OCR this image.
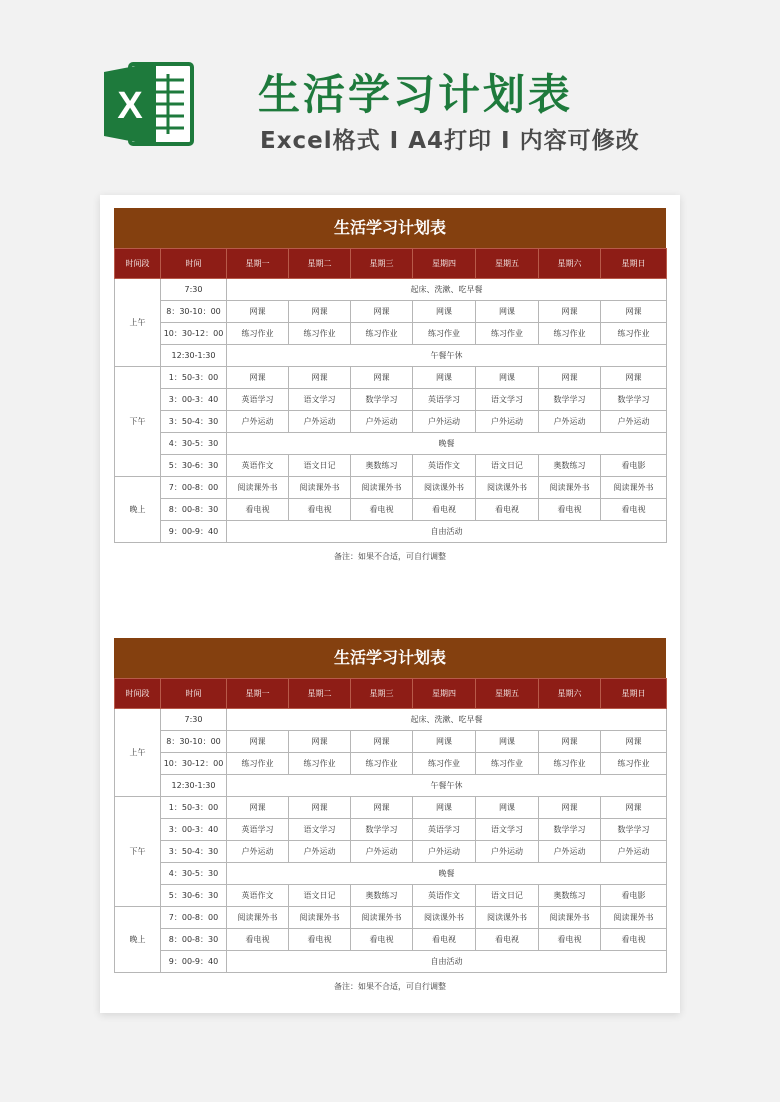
X	生活学习计划表
Excel格式 I A4打印 I 内容可修改
生活学习计划表
时间段	时间	星期一	星期二	星期三	星期四	星期五	星期六	星期日
上午	7:30	起床、洗漱、吃早餐						
	8：30-10：00	网课	网课	网课	网课	网课	网课	网课
	10：30-12：00	练习作业	练习作业	练习作业	练习作业	练习作业	练习作业	练习作业
	12:30-1:30	午餐午休						
下午	1：50-3：00	网课	网课	网课	网课	网课	网课	网课
	3：00-3：40	英语学习	语文学习	数学学习	英语学习	语文学习	数学学习	数学学习
	3：50-4：30	户外运动	户外运动	户外运动	户外运动	户外运动	户外运动	户外运动
	4：30-5：30	晚餐						
	5：30-6：30	英语作文	语文日记	奥数练习	英语作文	语文日记	奥数练习	看电影
晚上	7：00-8：00	阅读课外书	阅读课外书	阅读课外书	阅读课外书	阅读课外书	阅读课外书	阅读课外书
	8：00-8：30	看电视	看电视	看电视	看电视	看电视	看电视	看电视
	9：00-9：40	自由活动						
备注：如果不合适，可自行调整
生活学习计划表
时间段	时间	星期一	星期二	星期三	星期四	星期五	星期六	星期日
上午	7:30	起床、洗漱、吃早餐						
	8：30-10：00	网课	网课	网课	网课	网课	网课	网课
	10：30-12：00	练习作业	练习作业	练习作业	练习作业	练习作业	练习作业	练习作业
	12:30-1:30	午餐午休						
下午	1：50-3：00	网课	网课	网课	网课	网课	网课	网课
	3：00-3：40	英语学习	语文学习	数学学习	英语学习	语文学习	数学学习	数学学习
	3：50-4：30	户外运动	户外运动	户外运动	户外运动	户外运动	户外运动	户外运动
	4：30-5：30	晚餐						
	5：30-6：30	英语作文	语文日记	奥数练习	英语作文	语文日记	奥数练习	看电影
晚上	7：00-8：00	阅读课外书	阅读课外书	阅读课外书	阅读课外书	阅读课外书	阅读课外书	阅读课外书
	8：00-8：30	看电视	看电视	看电视	看电视	看电视	看电视	看电视
	9：00-9：40	自由活动						
备注：如果不合适，可自行调整
